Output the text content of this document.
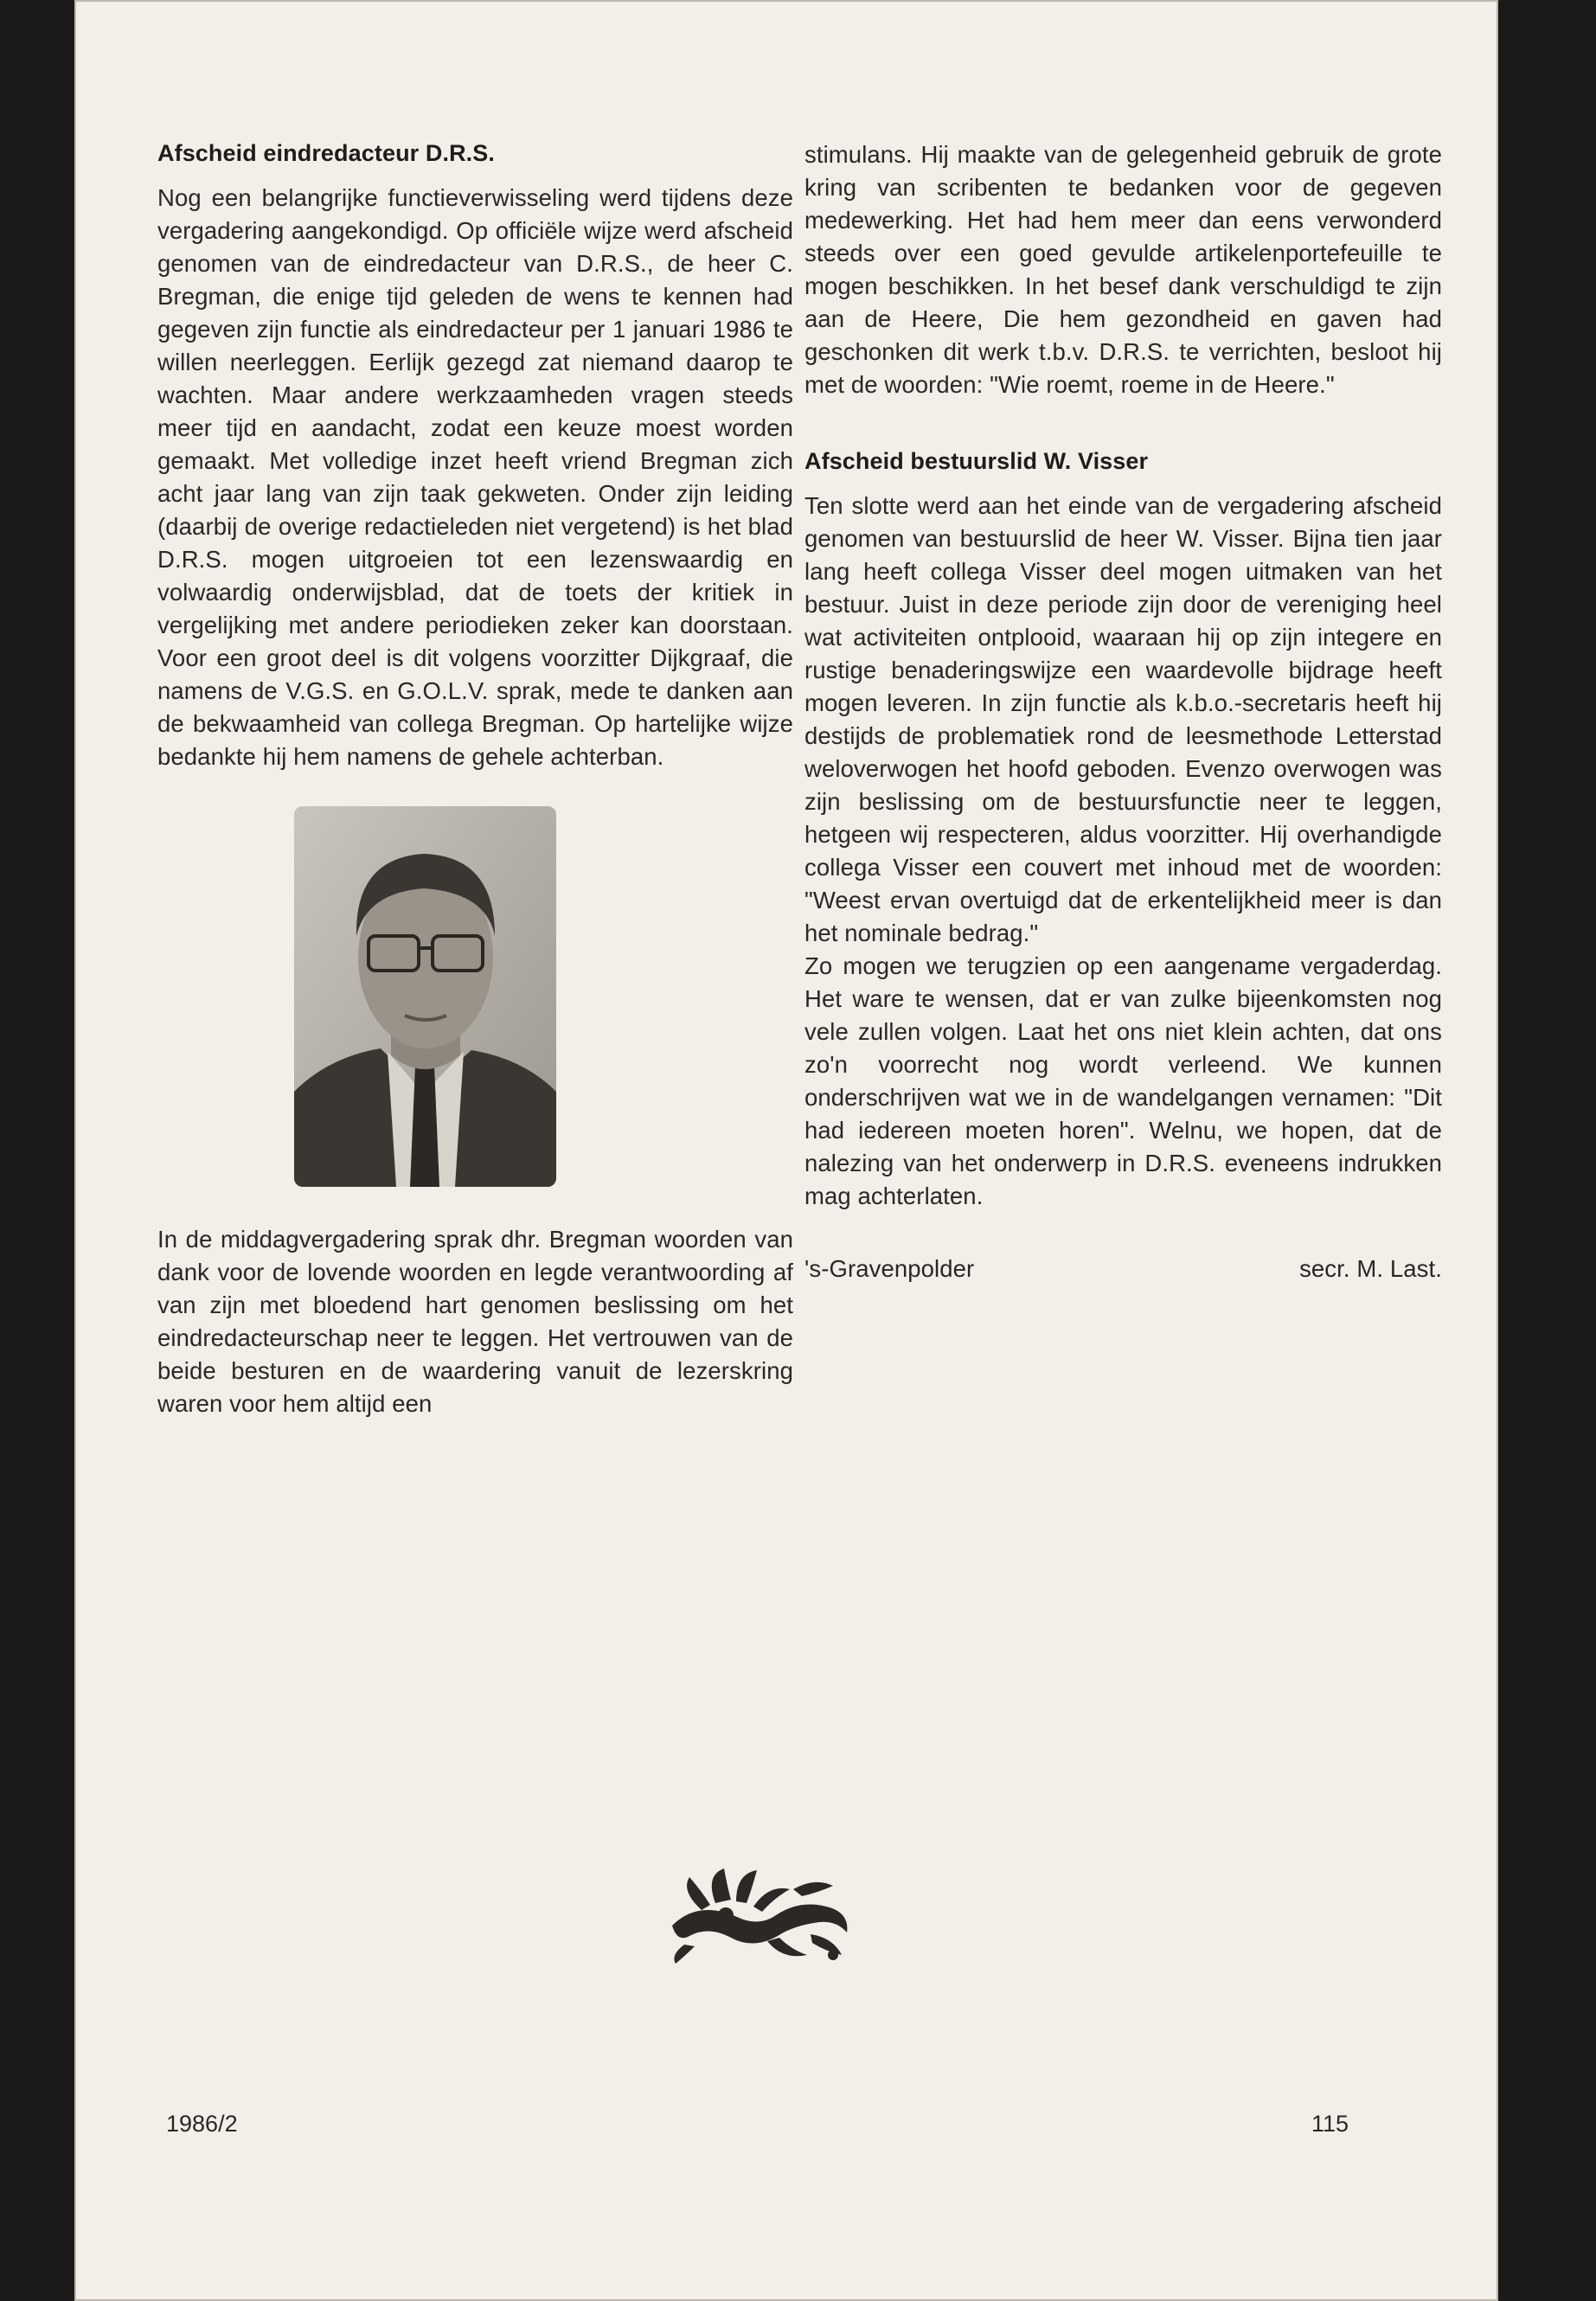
Afscheid eindredacteur D.R.S.

Nog een belangrijke functieverwisseling werd tijdens deze vergadering aangekondigd. Op officiële wijze werd afscheid genomen van de eindredacteur van D.R.S., de heer C. Bregman, die enige tijd geleden de wens te kennen had gegeven zijn functie als eindredacteur per 1 januari 1986 te willen neerleggen. Eerlijk gezegd zat niemand daarop te wachten. Maar andere werkzaamheden vragen steeds meer tijd en aandacht, zodat een keuze moest worden gemaakt. Met volledige inzet heeft vriend Bregman zich acht jaar lang van zijn taak gekweten. Onder zijn leiding (daarbij de overige redactieleden niet vergetend) is het blad D.R.S. mogen uitgroeien tot een lezenswaardig en volwaardig onderwijsblad, dat de toets der kritiek in vergelijking met andere periodieken zeker kan doorstaan. Voor een groot deel is dit volgens voorzitter Dijkgraaf, die namens de V.G.S. en G.O.L.V. sprak, mede te danken aan de bekwaamheid van collega Bregman. Op hartelijke wijze bedankte hij hem namens de gehele achterban.

In de middagvergadering sprak dhr. Bregman woorden van dank voor de lovende woorden en legde verantwoording af van zijn met bloedend hart genomen beslissing om het eindredacteurschap neer te leggen. Het vertrouwen van de beide besturen en de waardering vanuit de lezerskring waren voor hem altijd een

stimulans. Hij maakte van de gelegenheid gebruik de grote kring van scribenten te bedanken voor de gegeven medewerking. Het had hem meer dan eens verwonderd steeds over een goed gevulde artikelenportefeuille te mogen beschikken. In het besef dank verschuldigd te zijn aan de Heere, Die hem gezondheid en gaven had geschonken dit werk t.b.v. D.R.S. te verrichten, besloot hij met de woorden: "Wie roemt, roeme in de Heere."

Afscheid bestuurslid W. Visser

Ten slotte werd aan het einde van de vergadering afscheid genomen van bestuurslid de heer W. Visser. Bijna tien jaar lang heeft collega Visser deel mogen uitmaken van het bestuur. Juist in deze periode zijn door de vereniging heel wat activiteiten ontplooid, waaraan hij op zijn integere en rustige benaderingswijze een waardevolle bijdrage heeft mogen leveren. In zijn functie als k.b.o.-secretaris heeft hij destijds de problematiek rond de leesmethode Letterstad weloverwogen het hoofd geboden. Evenzo overwogen was zijn beslissing om de bestuursfunctie neer te leggen, hetgeen wij respecteren, aldus voorzitter. Hij overhandigde collega Visser een couvert met inhoud met de woorden: "Weest ervan overtuigd dat de erkentelijkheid meer is dan het nominale bedrag."

Zo mogen we terugzien op een aangename vergaderdag. Het ware te wensen, dat er van zulke bijeenkomsten nog vele zullen volgen. Laat het ons niet klein achten, dat ons zo'n voorrecht nog wordt verleend. We kunnen onderschrijven wat we in de wandelgangen vernamen: "Dit had iedereen moeten horen". Welnu, we hopen, dat de nalezing van het onderwerp in D.R.S. eveneens indrukken mag achterlaten.

's-Gravenpolder	secr. M. Last.
1986/2	115
